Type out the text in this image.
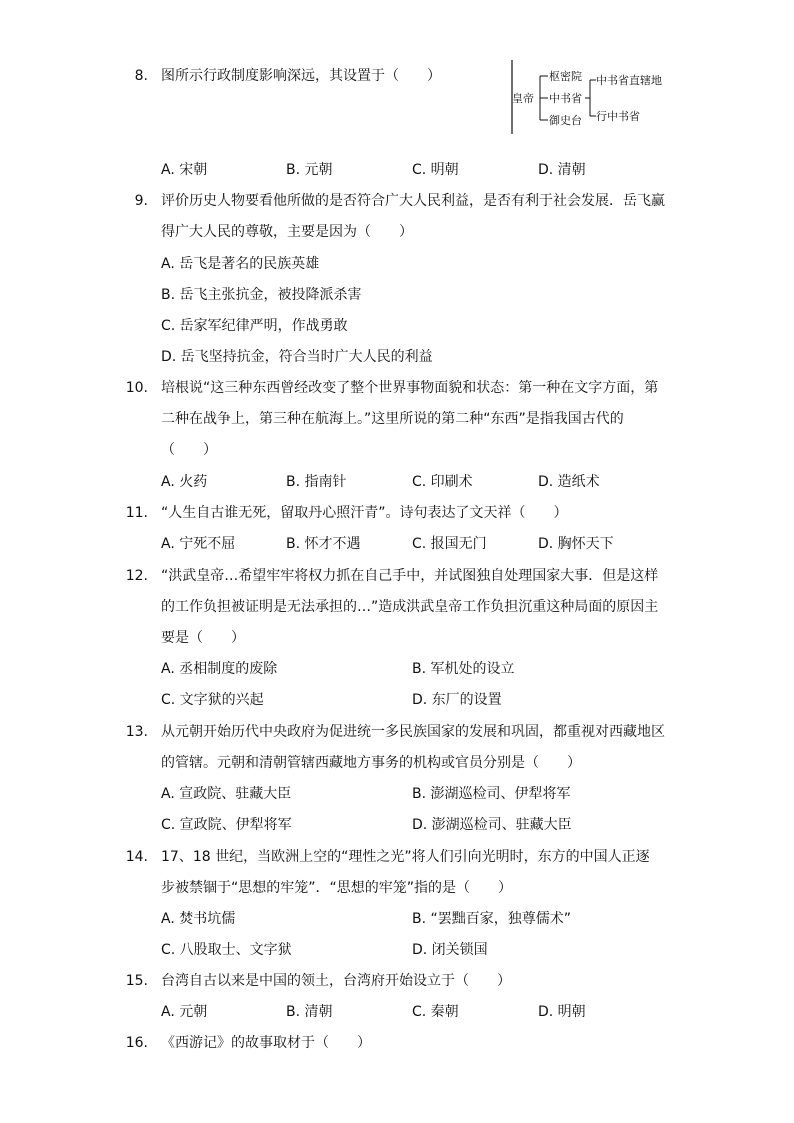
8. 图所示行政制度影响深远，其设置于（　　）
皇帝
枢密院
中书省
御史台
中书省直辖地
行中书省
A. 宋朝	B. 元朝	C. 明朝	D. 清朝
9. 评价历史人物要看他所做的是否符合广大人民利益，是否有利于社会发展．岳飞赢
得广大人民的尊敬，主要是因为（　　）
A. 岳飞是著名的民族英雄
B. 岳飞主张抗金，被投降派杀害
C. 岳家军纪律严明，作战勇敢
D. 岳飞坚持抗金，符合当时广大人民的利益
10. 培根说“这三种东西曾经改变了整个世界事物面貌和状态：第一种在文字方面，第
二种在战争上，第三种在航海上。”这里所说的第二种“东西”是指我国古代的
（　　）
A. 火药	B. 指南针	C. 印刷术	D. 造纸术
11. “人生自古谁无死，留取丹心照汗青”。诗句表达了文天祥（　　）
A. 宁死不屈	B. 怀才不遇	C. 报国无门	D. 胸怀天下
12. “洪武皇帝…希望牢牢将权力抓在自己手中，并试图独自处理国家大事．但是这样
的工作负担被证明是无法承担的…”造成洪武皇帝工作负担沉重这种局面的原因主
要是（　　）
A. 丞相制度的废除	B. 军机处的设立
C. 文字狱的兴起	D. 东厂的设置
13. 从元朝开始历代中央政府为促进统一多民族国家的发展和巩固，都重视对西藏地区
的管辖。元朝和清朝管辖西藏地方事务的机构或官员分别是（　　）
A. 宣政院、驻藏大臣	B. 澎湖巡检司、伊犁将军
C. 宣政院、伊犁将军	D. 澎湖巡检司、驻藏大臣
14. 17、18 世纪，当欧洲上空的“理性之光”将人们引向光明时，东方的中国人正逐
步被禁锢于“思想的牢笼”．“思想的牢笼”指的是（　　）
A. 焚书坑儒	B. “罢黜百家，独尊儒术”
C. 八股取士、文字狱	D. 闭关锁国
15. 台湾自古以来是中国的领土，台湾府开始设立于（　　）
A. 元朝	B. 清朝	C. 秦朝	D. 明朝
16. 《西游记》的故事取材于（　　）
